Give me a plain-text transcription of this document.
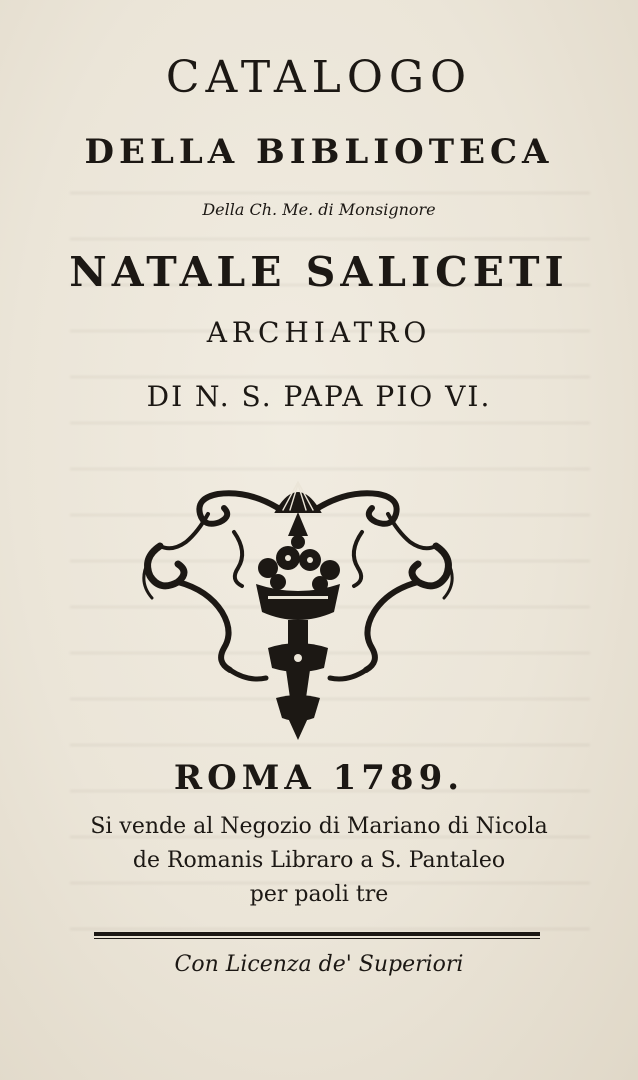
CATALOGO
DELLA BIBLIOTECA
Della Ch. Me. di Monsignore
NATALE SALICETI
ARCHIATRO
DI N. S. PAPA PIO VI.
ROMA 1789.
Si vende al Negozio di Mariano di Nicola
de Romanis Libraro a S. Pantaleo
per paoli tre
Con Licenza de' Superiori
